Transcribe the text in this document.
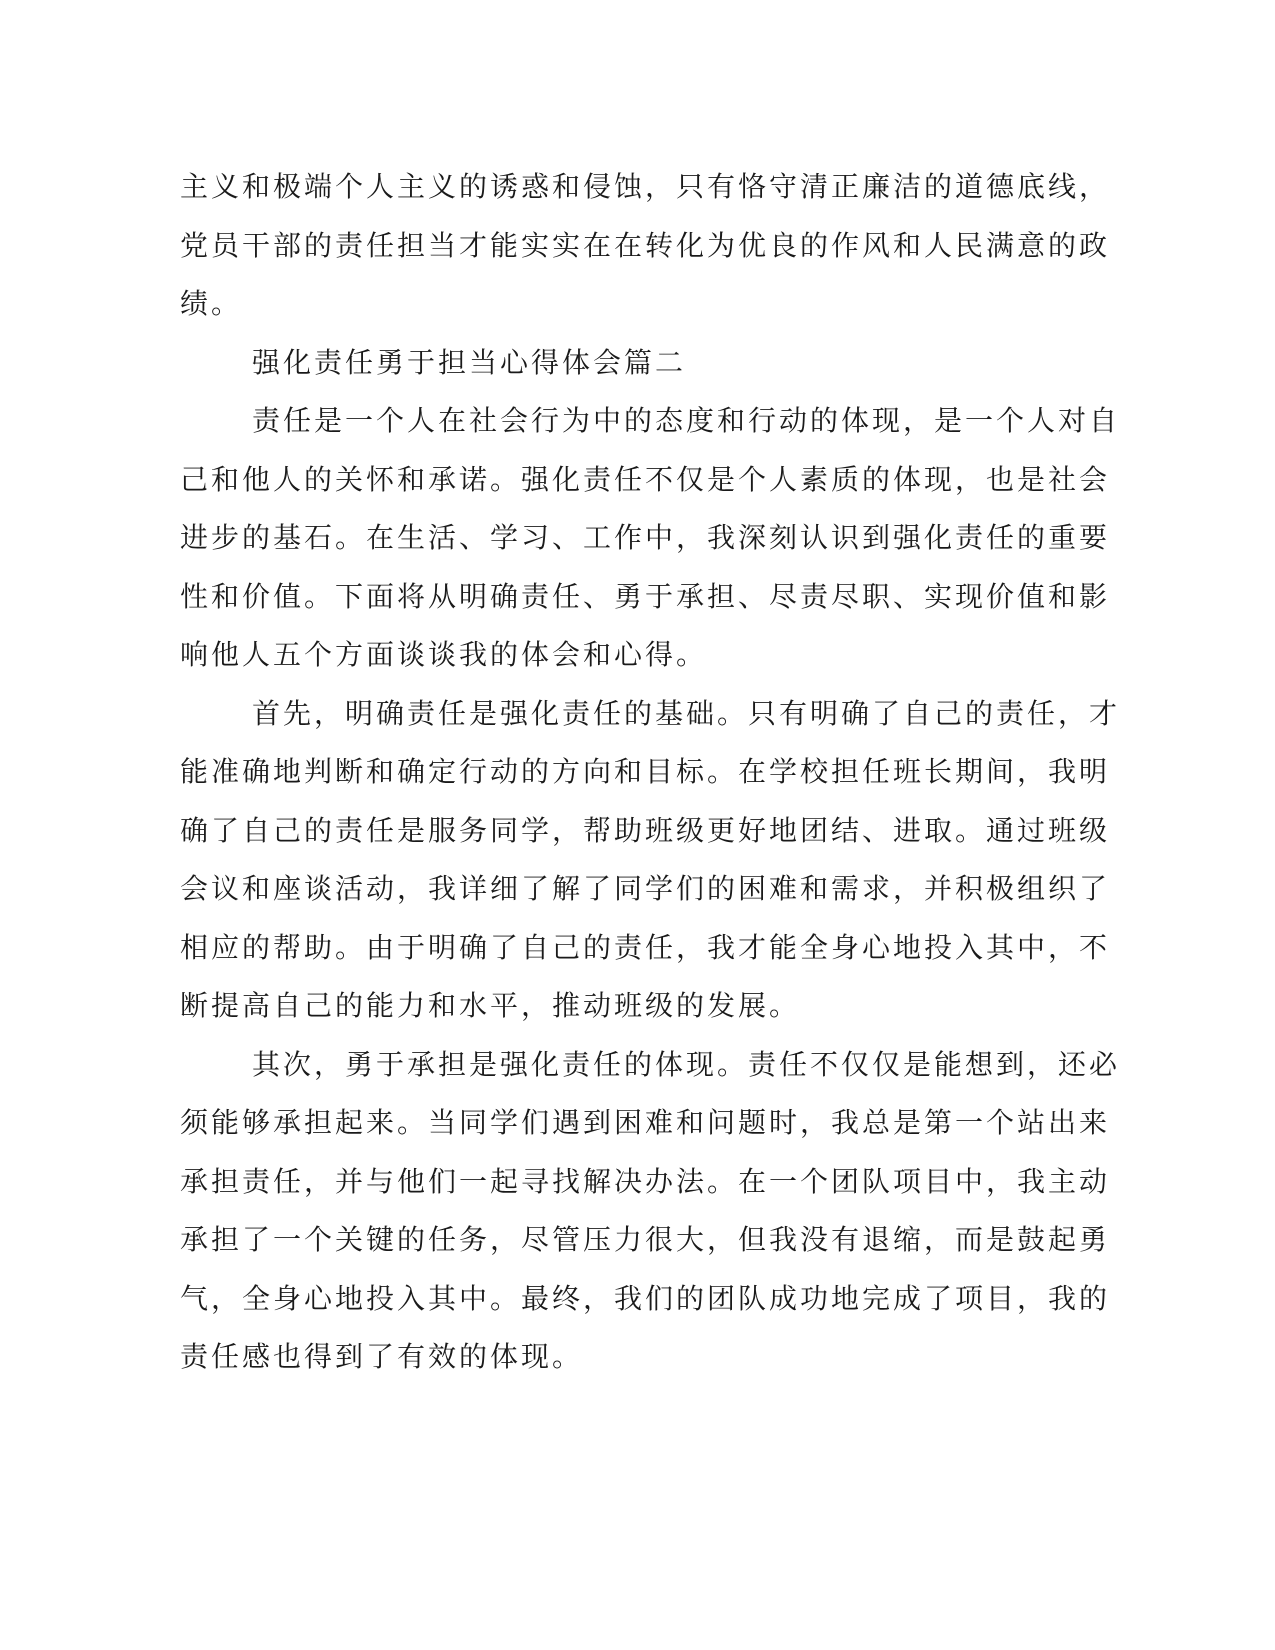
主义和极端个人主义的诱惑和侵蚀，只有恪守清正廉洁的道德底线，
党员干部的责任担当才能实实在在转化为优良的作风和人民满意的政
绩。
强化责任勇于担当心得体会篇二
责任是一个人在社会行为中的态度和行动的体现，是一个人对自
己和他人的关怀和承诺。强化责任不仅是个人素质的体现，也是社会
进步的基石。在生活、学习、工作中，我深刻认识到强化责任的重要
性和价值。下面将从明确责任、勇于承担、尽责尽职、实现价值和影
响他人五个方面谈谈我的体会和心得。
首先，明确责任是强化责任的基础。只有明确了自己的责任，才
能准确地判断和确定行动的方向和目标。在学校担任班长期间，我明
确了自己的责任是服务同学，帮助班级更好地团结、进取。通过班级
会议和座谈活动，我详细了解了同学们的困难和需求，并积极组织了
相应的帮助。由于明确了自己的责任，我才能全身心地投入其中，不
断提高自己的能力和水平，推动班级的发展。
其次，勇于承担是强化责任的体现。责任不仅仅是能想到，还必
须能够承担起来。当同学们遇到困难和问题时，我总是第一个站出来
承担责任，并与他们一起寻找解决办法。在一个团队项目中，我主动
承担了一个关键的任务，尽管压力很大，但我没有退缩，而是鼓起勇
气，全身心地投入其中。最终，我们的团队成功地完成了项目，我的
责任感也得到了有效的体现。
